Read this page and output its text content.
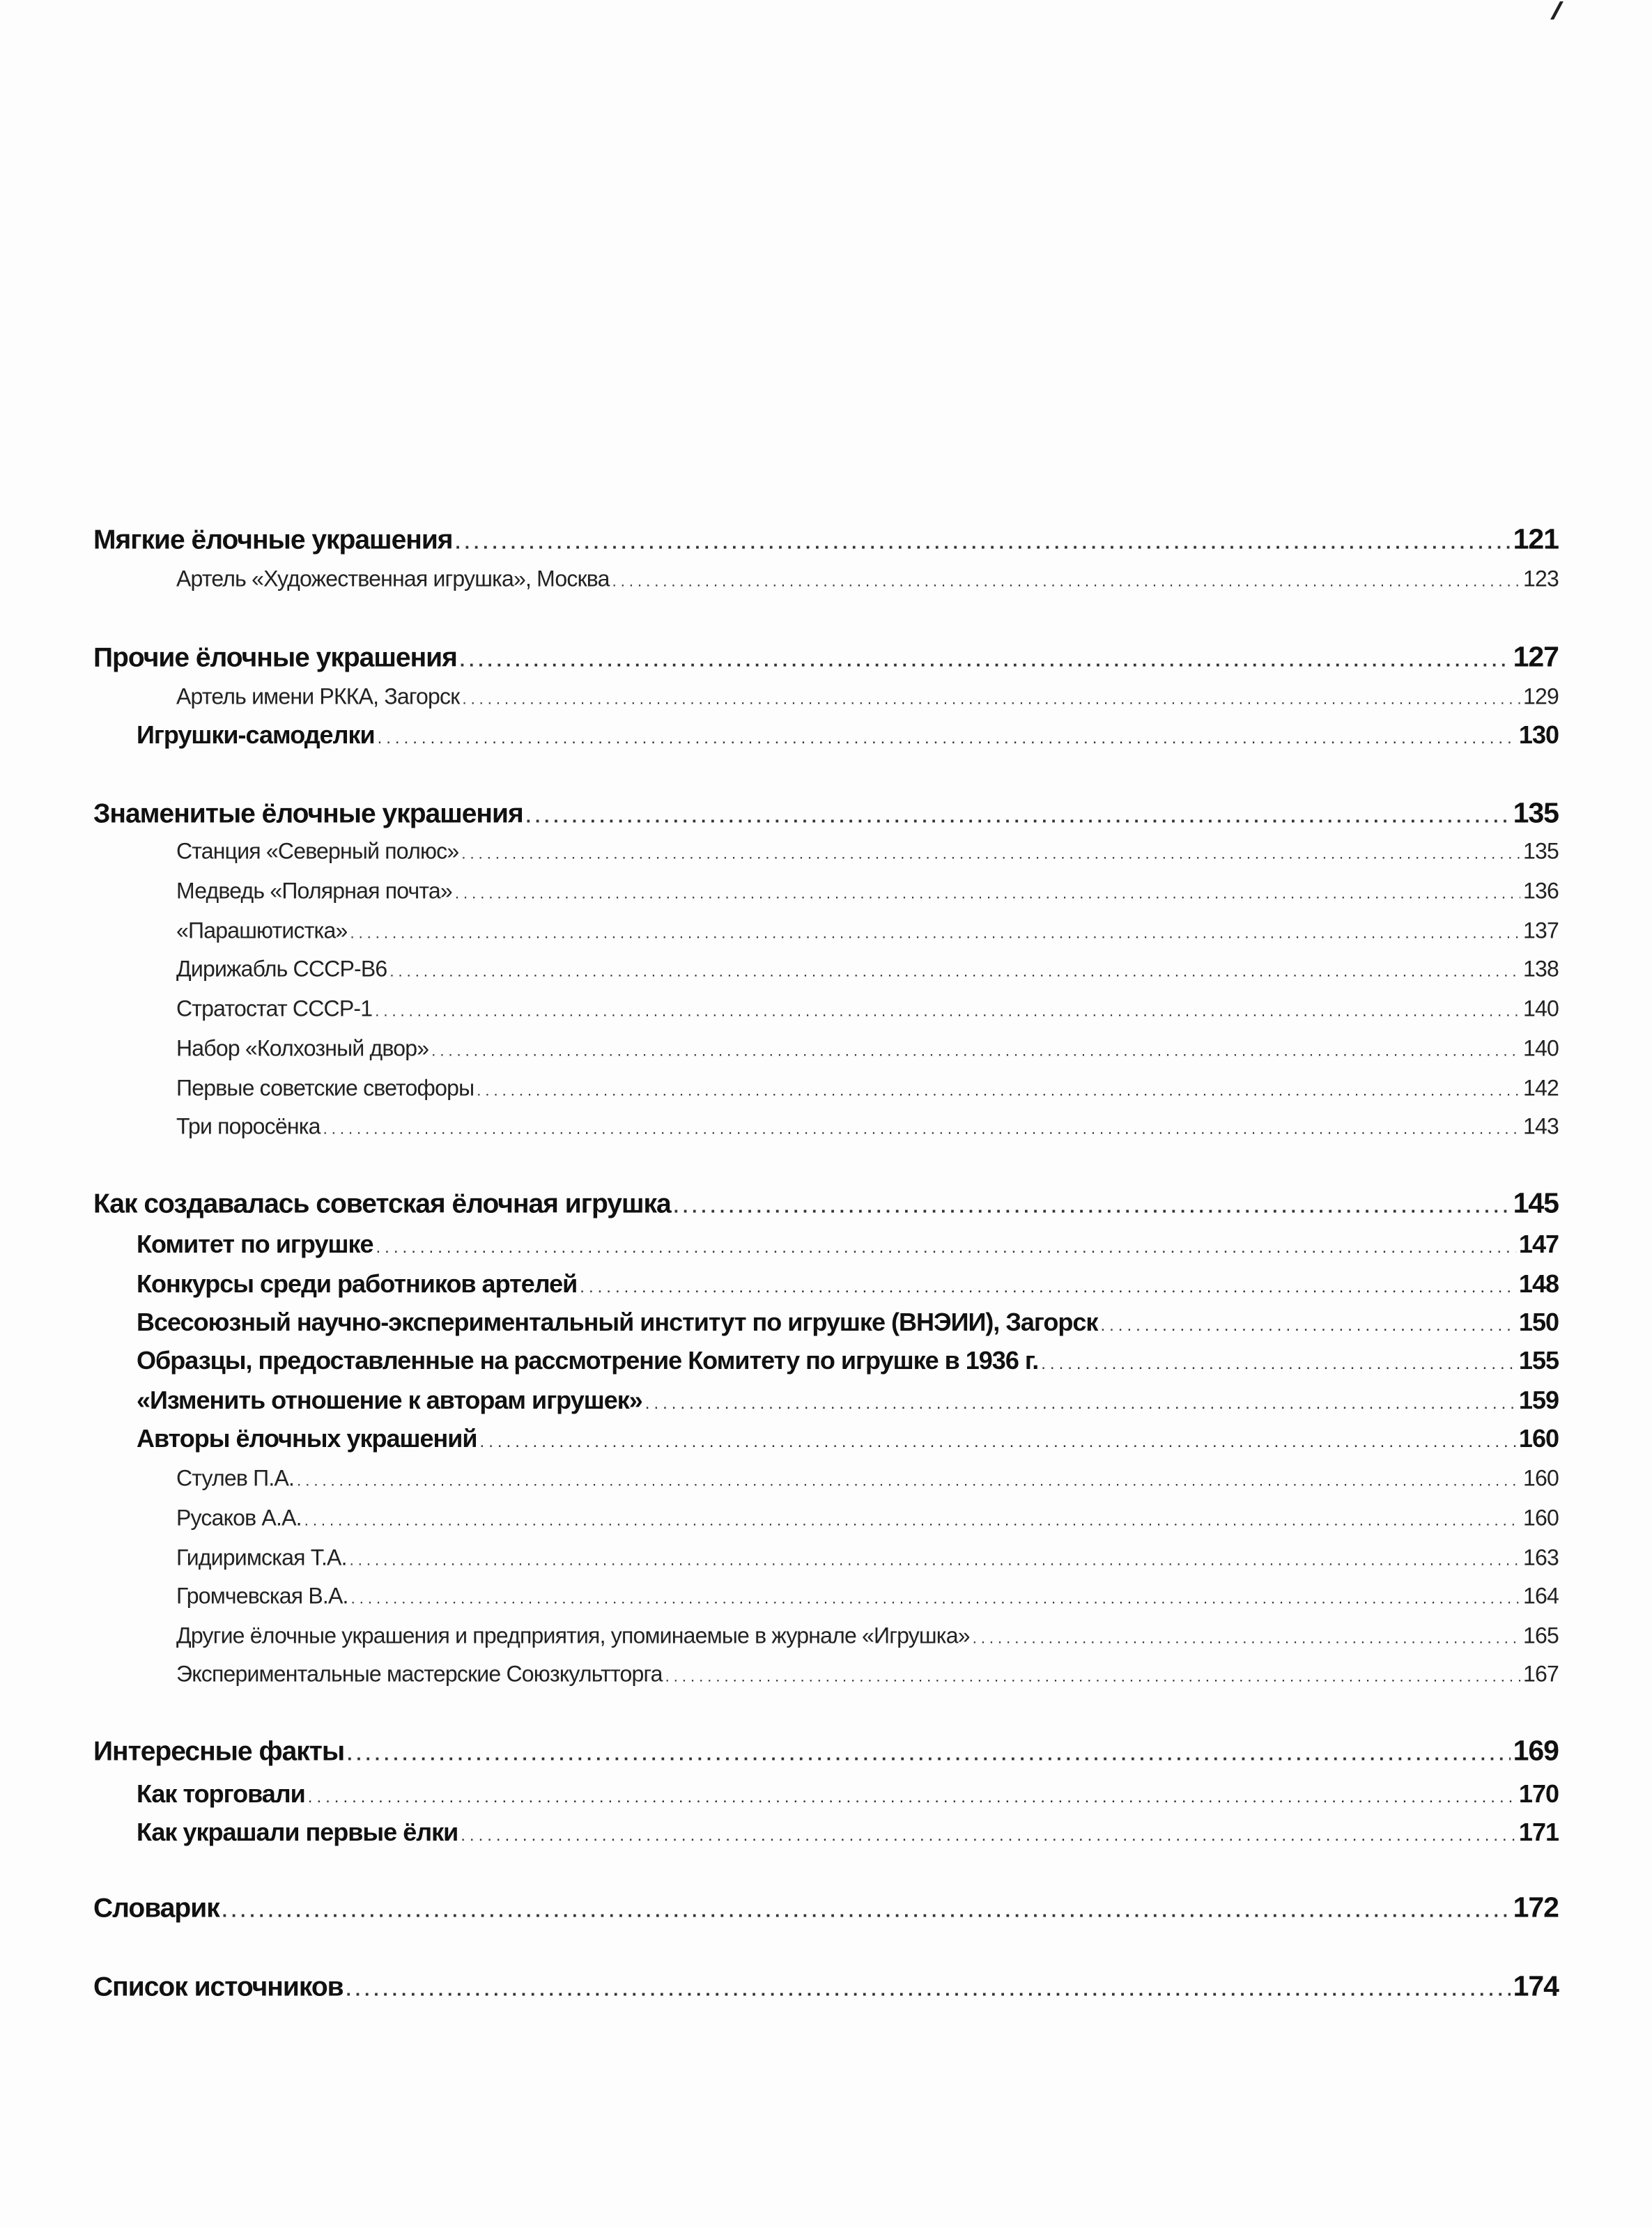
Мягкие ёлочные украшения .....	121
Артель «Художественная игрушка», Москва .....	123
Прочие ёлочные украшения .....	127
Артель имени РККА, Загорск .....	129
Игрушки-самоделки .....	130
Знаменитые ёлочные украшения .....	135
Станция «Северный полюс» .....	135
Медведь «Полярная почта» .....	136
«Парашютистка» .....	137
Дирижабль СССР-В6 .....	138
Стратостат СССР-1 .....	140
Набор «Колхозный двор» .....	140
Первые советские светофоры .....	142
Три поросёнка .....	143
Как создавалась советская ёлочная игрушка .....	145
Комитет по игрушке .....	147
Конкурсы среди работников артелей .....	148
Всесоюзный научно-экспериментальный институт по игрушке (ВНЭИИ), Загорск .....	150
Образцы, предоставленные на рассмотрение Комитету по игрушке в 1936 г. .....	155
«Изменить отношение к авторам игрушек» .....	159
Авторы ёлочных украшений .....	160
Стулев П.А. .....	160
Русаков А.А. .....	160
Гидиримская Т.А. .....	163
Громчевская В.А. .....	164
Другие ёлочные украшения и предприятия, упоминаемые в журнале «Игрушка» .....	165
Экспериментальные мастерские Союзкультторга .....	167
Интересные факты .....	169
Как торговали .....	170
Как украшали первые ёлки .....	171
Словарик .....	172
Список источников .....	174
